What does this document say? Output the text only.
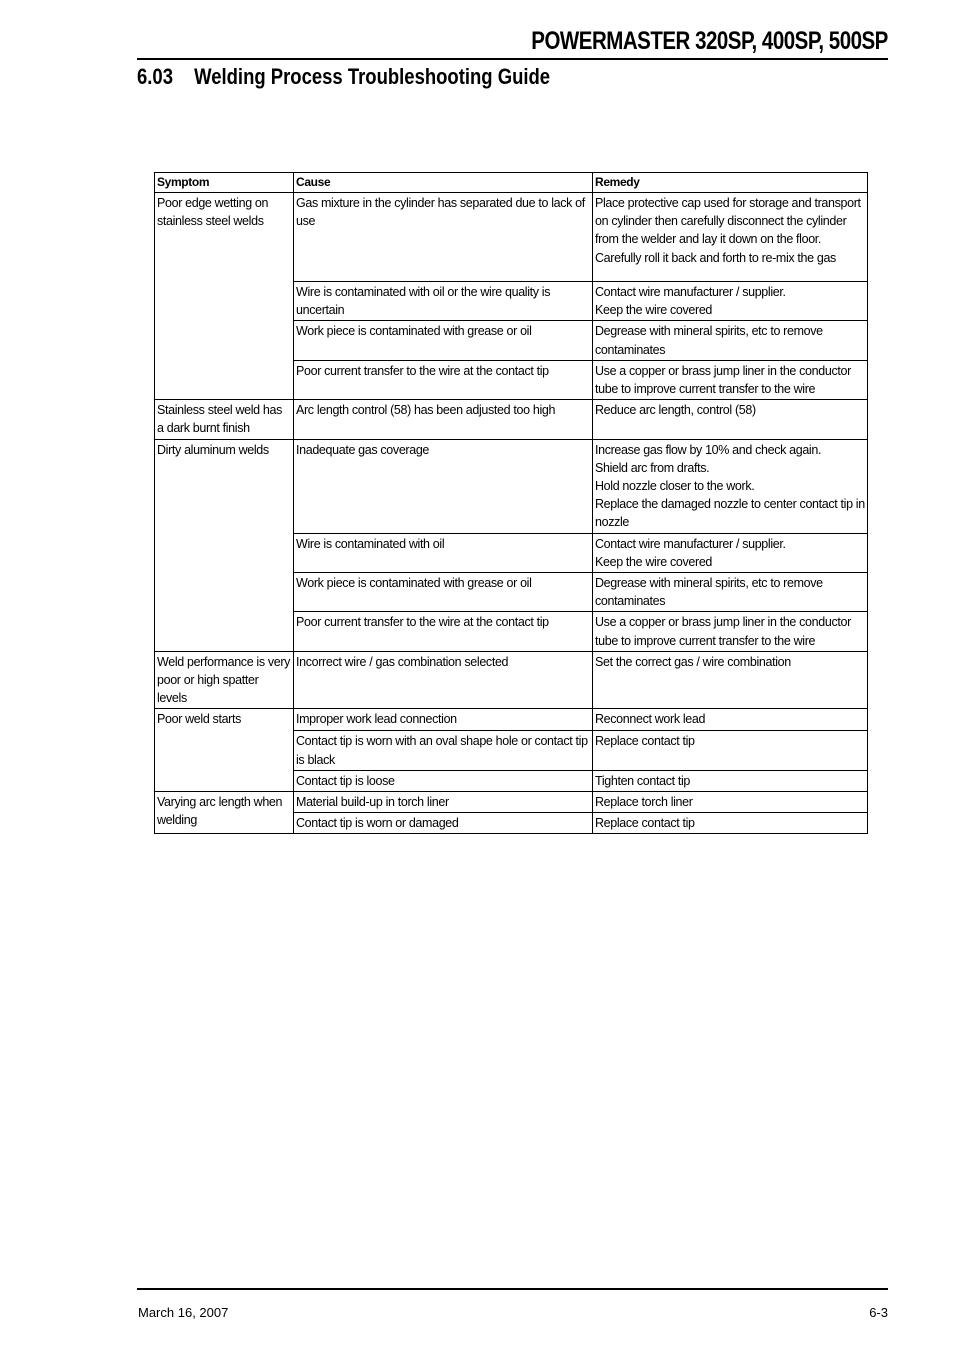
POWERMASTER 320SP, 400SP, 500SP
6.03 Welding Process Troubleshooting Guide
Symptom	Cause	Remedy

Poor edge wetting on stainless steel welds	Gas mixture in the cylinder has separated due to lack of use	Place protective cap used for storage and transport on cylinder then carefully disconnect the cylinder from the welder and lay it down on the floor. Carefully roll it back and forth to re-mix the gas

	Wire is contaminated with oil or the wire quality is uncertain	Contact wire manufacturer / supplier.
Keep the wire covered

	Work piece is contaminated with grease or oil	Degrease with mineral spirits, etc to remove contaminates

	Poor current transfer to the wire at the contact tip	Use a copper or brass jump liner in the conductor tube to improve current transfer to the wire

Stainless steel weld has a dark burnt finish	Arc length control (58) has been adjusted too high	Reduce arc length, control (58)

Dirty aluminum welds	Inadequate gas coverage	Increase gas flow by 10% and check again.
Shield arc from drafts.
Hold nozzle closer to the work.
Replace the damaged nozzle to center contact tip in nozzle

	Wire is contaminated with oil	Contact wire manufacturer / supplier.
Keep the wire covered

	Work piece is contaminated with grease or oil	Degrease with mineral spirits, etc to remove contaminates

	Poor current transfer to the wire at the contact tip	Use a copper or brass jump liner in the conductor tube to improve current transfer to the wire

Weld performance is very poor or high spatter levels	Incorrect wire / gas combination selected	Set the correct gas / wire combination

Poor weld starts	Improper work lead connection	Reconnect work lead

	Contact tip is worn with an oval shape hole or contact tip is black	Replace contact tip

	Contact tip is loose	Tighten contact tip

Varying arc length when welding	Material build-up in torch liner	Replace torch liner

	Contact tip is worn or damaged	Replace contact tip
March 16, 2007	6-3
